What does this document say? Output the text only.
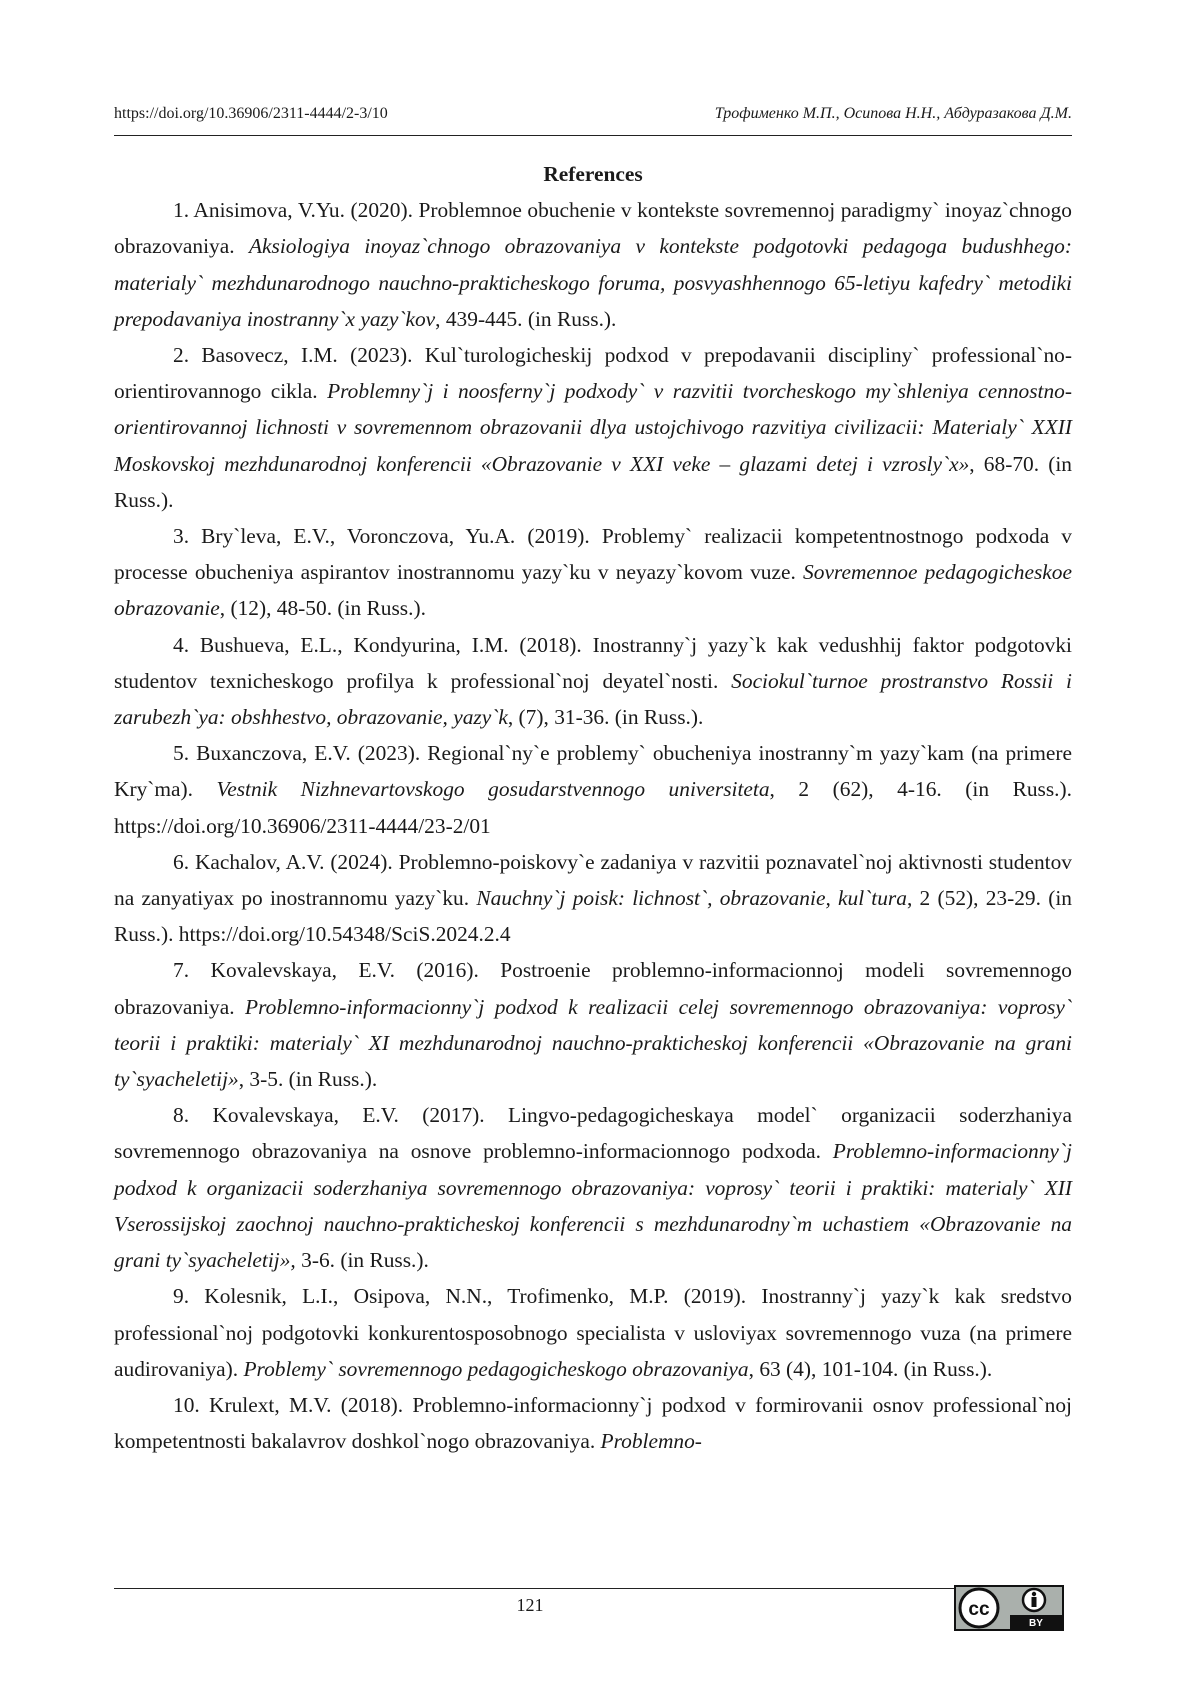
https://doi.org/10.36906/2311-4444/2-3/10	Трофименко М.П., Осипова Н.Н., Абдуразакова Д.М.
References

1. Anisimova, V.Yu. (2020). Problemnoe obuchenie v kontekste sovremennoj paradigmy` inoyaz`chnogo obrazovaniya. Aksiologiya inoyaz`chnogo obrazovaniya v kontekste podgotovki pedagoga budushhego: materialy` mezhdunarodnogo nauchno-prakticheskogo foruma, posvyashhennogo 65-letiyu kafedry` metodiki prepodavaniya inostranny`x yazy`kov, 439-445. (in Russ.).

2. Basovecz, I.M. (2023). Kul`turologicheskij podxod v prepodavanii discipliny` professional`no-orientirovannogo cikla. Problemny`j i noosferny`j podxody` v razvitii tvorcheskogo my`shleniya cennostno-orientirovannoj lichnosti v sovremennom obrazovanii dlya ustojchivogo razvitiya civilizacii: Materialy` XXII Moskovskoj mezhdunarodnoj konferencii «Obrazovanie v XXI veke – glazami detej i vzrosly`x», 68-70. (in Russ.).

3. Bry`leva, E.V., Voronczova, Yu.A. (2019). Problemy` realizacii kompetentnostnogo podxoda v processe obucheniya aspirantov inostrannomu yazy`ku v neyazy`kovom vuze. Sovremennoe pedagogicheskoe obrazovanie, (12), 48-50. (in Russ.).

4. Bushueva, E.L., Kondyurina, I.M. (2018). Inostranny`j yazy`k kak vedushhij faktor podgotovki studentov texnicheskogo profilya k professional`noj deyatel`nosti. Sociokul`turnoe prostranstvo Rossii i zarubezh`ya: obshhestvo, obrazovanie, yazy`k, (7), 31-36. (in Russ.).

5. Buxanczova, E.V. (2023). Regional`ny`e problemy` obucheniya inostranny`m yazy`kam (na primere Kry`ma). Vestnik Nizhnevartovskogo gosudarstvennogo universiteta, 2 (62), 4-16. (in Russ.). https://doi.org/10.36906/2311-4444/23-2/01

6. Kachalov, A.V. (2024). Problemno-poiskovy`e zadaniya v razvitii poznavatel`noj aktivnosti studentov na zanyatiyax po inostrannomu yazy`ku. Nauchny`j poisk: lichnost`, obrazovanie, kul`tura, 2 (52), 23-29. (in Russ.). https://doi.org/10.54348/SciS.2024.2.4

7. Kovalevskaya, E.V. (2016). Postroenie problemno-informacionnoj modeli sovremennogo obrazovaniya. Problemno-informacionny`j podxod k realizacii celej sovremennogo obrazovaniya: voprosy` teorii i praktiki: materialy` XI mezhdunarodnoj nauchno-prakticheskoj konferencii «Obrazovanie na grani ty`syacheletij», 3-5. (in Russ.).

8. Kovalevskaya, E.V. (2017). Lingvo-pedagogicheskaya model` organizacii soderzhaniya sovremennogo obrazovaniya na osnove problemno-informacionnogo podxoda. Problemno-informacionny`j podxod k organizacii soderzhaniya sovremennogo obrazovaniya: voprosy` teorii i praktiki: materialy` XII Vserossijskoj zaochnoj nauchno-prakticheskoj konferencii s mezhdunarodny`m uchastiem «Obrazovanie na grani ty`syacheletij», 3-6. (in Russ.).

9. Kolesnik, L.I., Osipova, N.N., Trofimenko, M.P. (2019). Inostranny`j yazy`k kak sredstvo professional`noj podgotovki konkurentosposobnogo specialista v usloviyax sovremennogo vuza (na primere audirovaniya). Problemy` sovremennogo pedagogicheskogo obrazovaniya, 63 (4), 101-104. (in Russ.).

10. Krulext, M.V. (2018). Problemno-informacionny`j podxod v formirovanii osnov professional`noj kompetentnosti bakalavrov doshkol`nogo obrazovaniya. Problemno-

121	cc
BY
